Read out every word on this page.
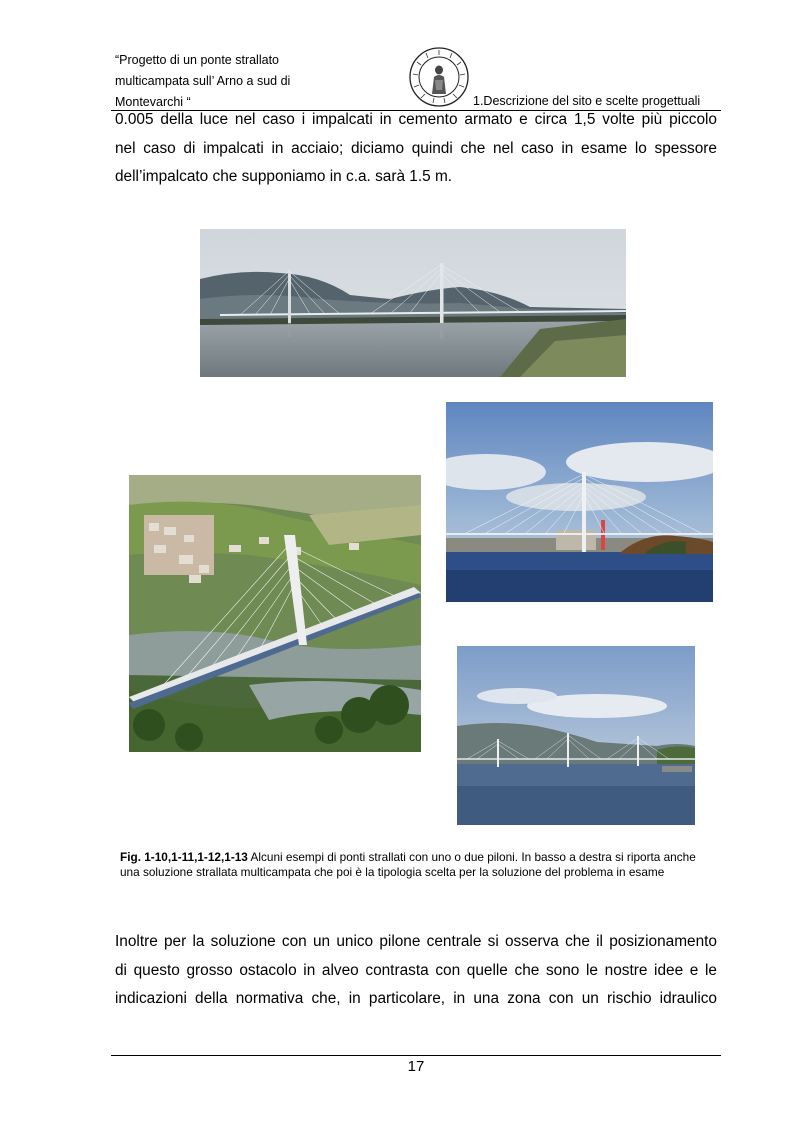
“Progetto di un ponte strallato
multicampata sull’ Arno a sud di
Montevarchi “	1.Descrizione del sito e scelte progettuali
0.005 della luce nel caso i impalcati in cemento armato e circa 1,5 volte più piccolo
nel caso di impalcati in acciaio; diciamo quindi che nel caso in esame lo spessore
dell’impalcato che supponiamo in c.a. sarà 1.5 m.
Fig. 1-10,1-11,1-12,1-13 Alcuni esempi di ponti strallati con uno o due piloni. In basso a destra si riporta anche una soluzione strallata multicampata che poi è la tipologia scelta per la soluzione del problema in esame
Inoltre per la soluzione con un unico pilone centrale si osserva che il posizionamento
di questo grosso ostacolo in alveo contrasta con quelle che sono le nostre idee e le
indicazioni della normativa che, in particolare, in una zona con un rischio idraulico
17
